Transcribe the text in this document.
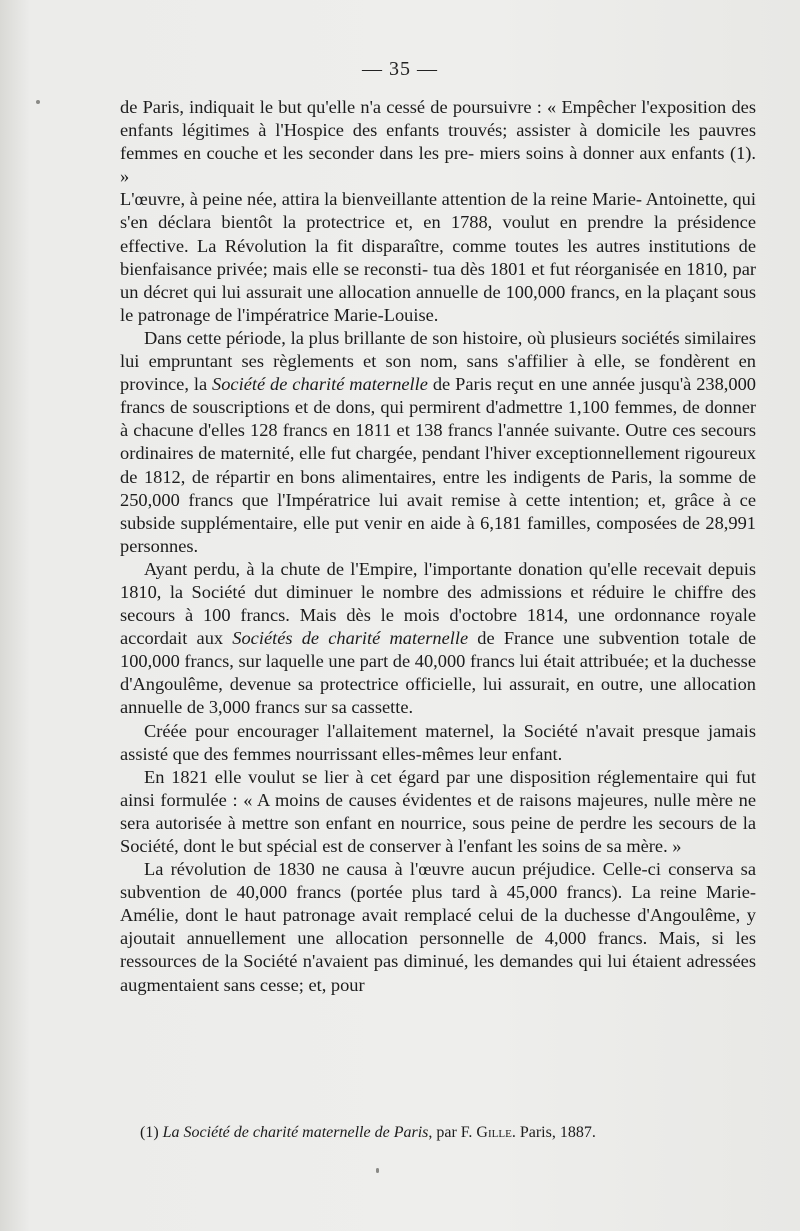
— 35 —

de Paris, indiquait le but qu'elle n'a cessé de poursuivre : « Empêcher l'exposition des enfants légitimes à l'Hospice des enfants trouvés; assister à domicile les pauvres femmes en couche et les seconder dans les pre- miers soins à donner aux enfants (1). »

L'œuvre, à peine née, attira la bienveillante attention de la reine Marie- Antoinette, qui s'en déclara bientôt la protectrice et, en 1788, voulut en prendre la présidence effective. La Révolution la fit disparaître, comme toutes les autres institutions de bienfaisance privée; mais elle se reconsti- tua dès 1801 et fut réorganisée en 1810, par un décret qui lui assurait une allocation annuelle de 100,000 francs, en la plaçant sous le patronage de l'impératrice Marie-Louise.

Dans cette période, la plus brillante de son histoire, où plusieurs sociétés similaires lui empruntant ses règlements et son nom, sans s'affilier à elle, se fondèrent en province, la Société de charité maternelle de Paris reçut en une année jusqu'à 238,000 francs de souscriptions et de dons, qui permirent d'admettre 1,100 femmes, de donner à chacune d'elles 128 francs en 1811 et 138 francs l'année suivante. Outre ces secours ordinaires de maternité, elle fut chargée, pendant l'hiver exceptionnellement rigoureux de 1812, de répartir en bons alimentaires, entre les indigents de Paris, la somme de 250,000 francs que l'Impératrice lui avait remise à cette intention; et, grâce à ce subside supplémentaire, elle put venir en aide à 6,181 familles, composées de 28,991 personnes.

Ayant perdu, à la chute de l'Empire, l'importante donation qu'elle recevait depuis 1810, la Société dut diminuer le nombre des admissions et réduire le chiffre des secours à 100 francs. Mais dès le mois d'octobre 1814, une ordonnance royale accordait aux Sociétés de charité maternelle de France une subvention totale de 100,000 francs, sur laquelle une part de 40,000 francs lui était attribuée; et la duchesse d'Angoulême, devenue sa protectrice officielle, lui assurait, en outre, une allocation annuelle de 3,000 francs sur sa cassette.

Créée pour encourager l'allaitement maternel, la Société n'avait presque jamais assisté que des femmes nourrissant elles-mêmes leur enfant.

En 1821 elle voulut se lier à cet égard par une disposition réglementaire qui fut ainsi formulée : « A moins de causes évidentes et de raisons majeures, nulle mère ne sera autorisée à mettre son enfant en nourrice, sous peine de perdre les secours de la Société, dont le but spécial est de conserver à l'enfant les soins de sa mère. »

La révolution de 1830 ne causa à l'œuvre aucun préjudice. Celle-ci conserva sa subvention de 40,000 francs (portée plus tard à 45,000 francs). La reine Marie-Amélie, dont le haut patronage avait remplacé celui de la duchesse d'Angoulême, y ajoutait annuellement une allocation personnelle de 4,000 francs. Mais, si les ressources de la Société n'avaient pas diminué, les demandes qui lui étaient adressées augmentaient sans cesse; et, pour

(1) La Société de charité maternelle de Paris, par F. Gille. Paris, 1887.
